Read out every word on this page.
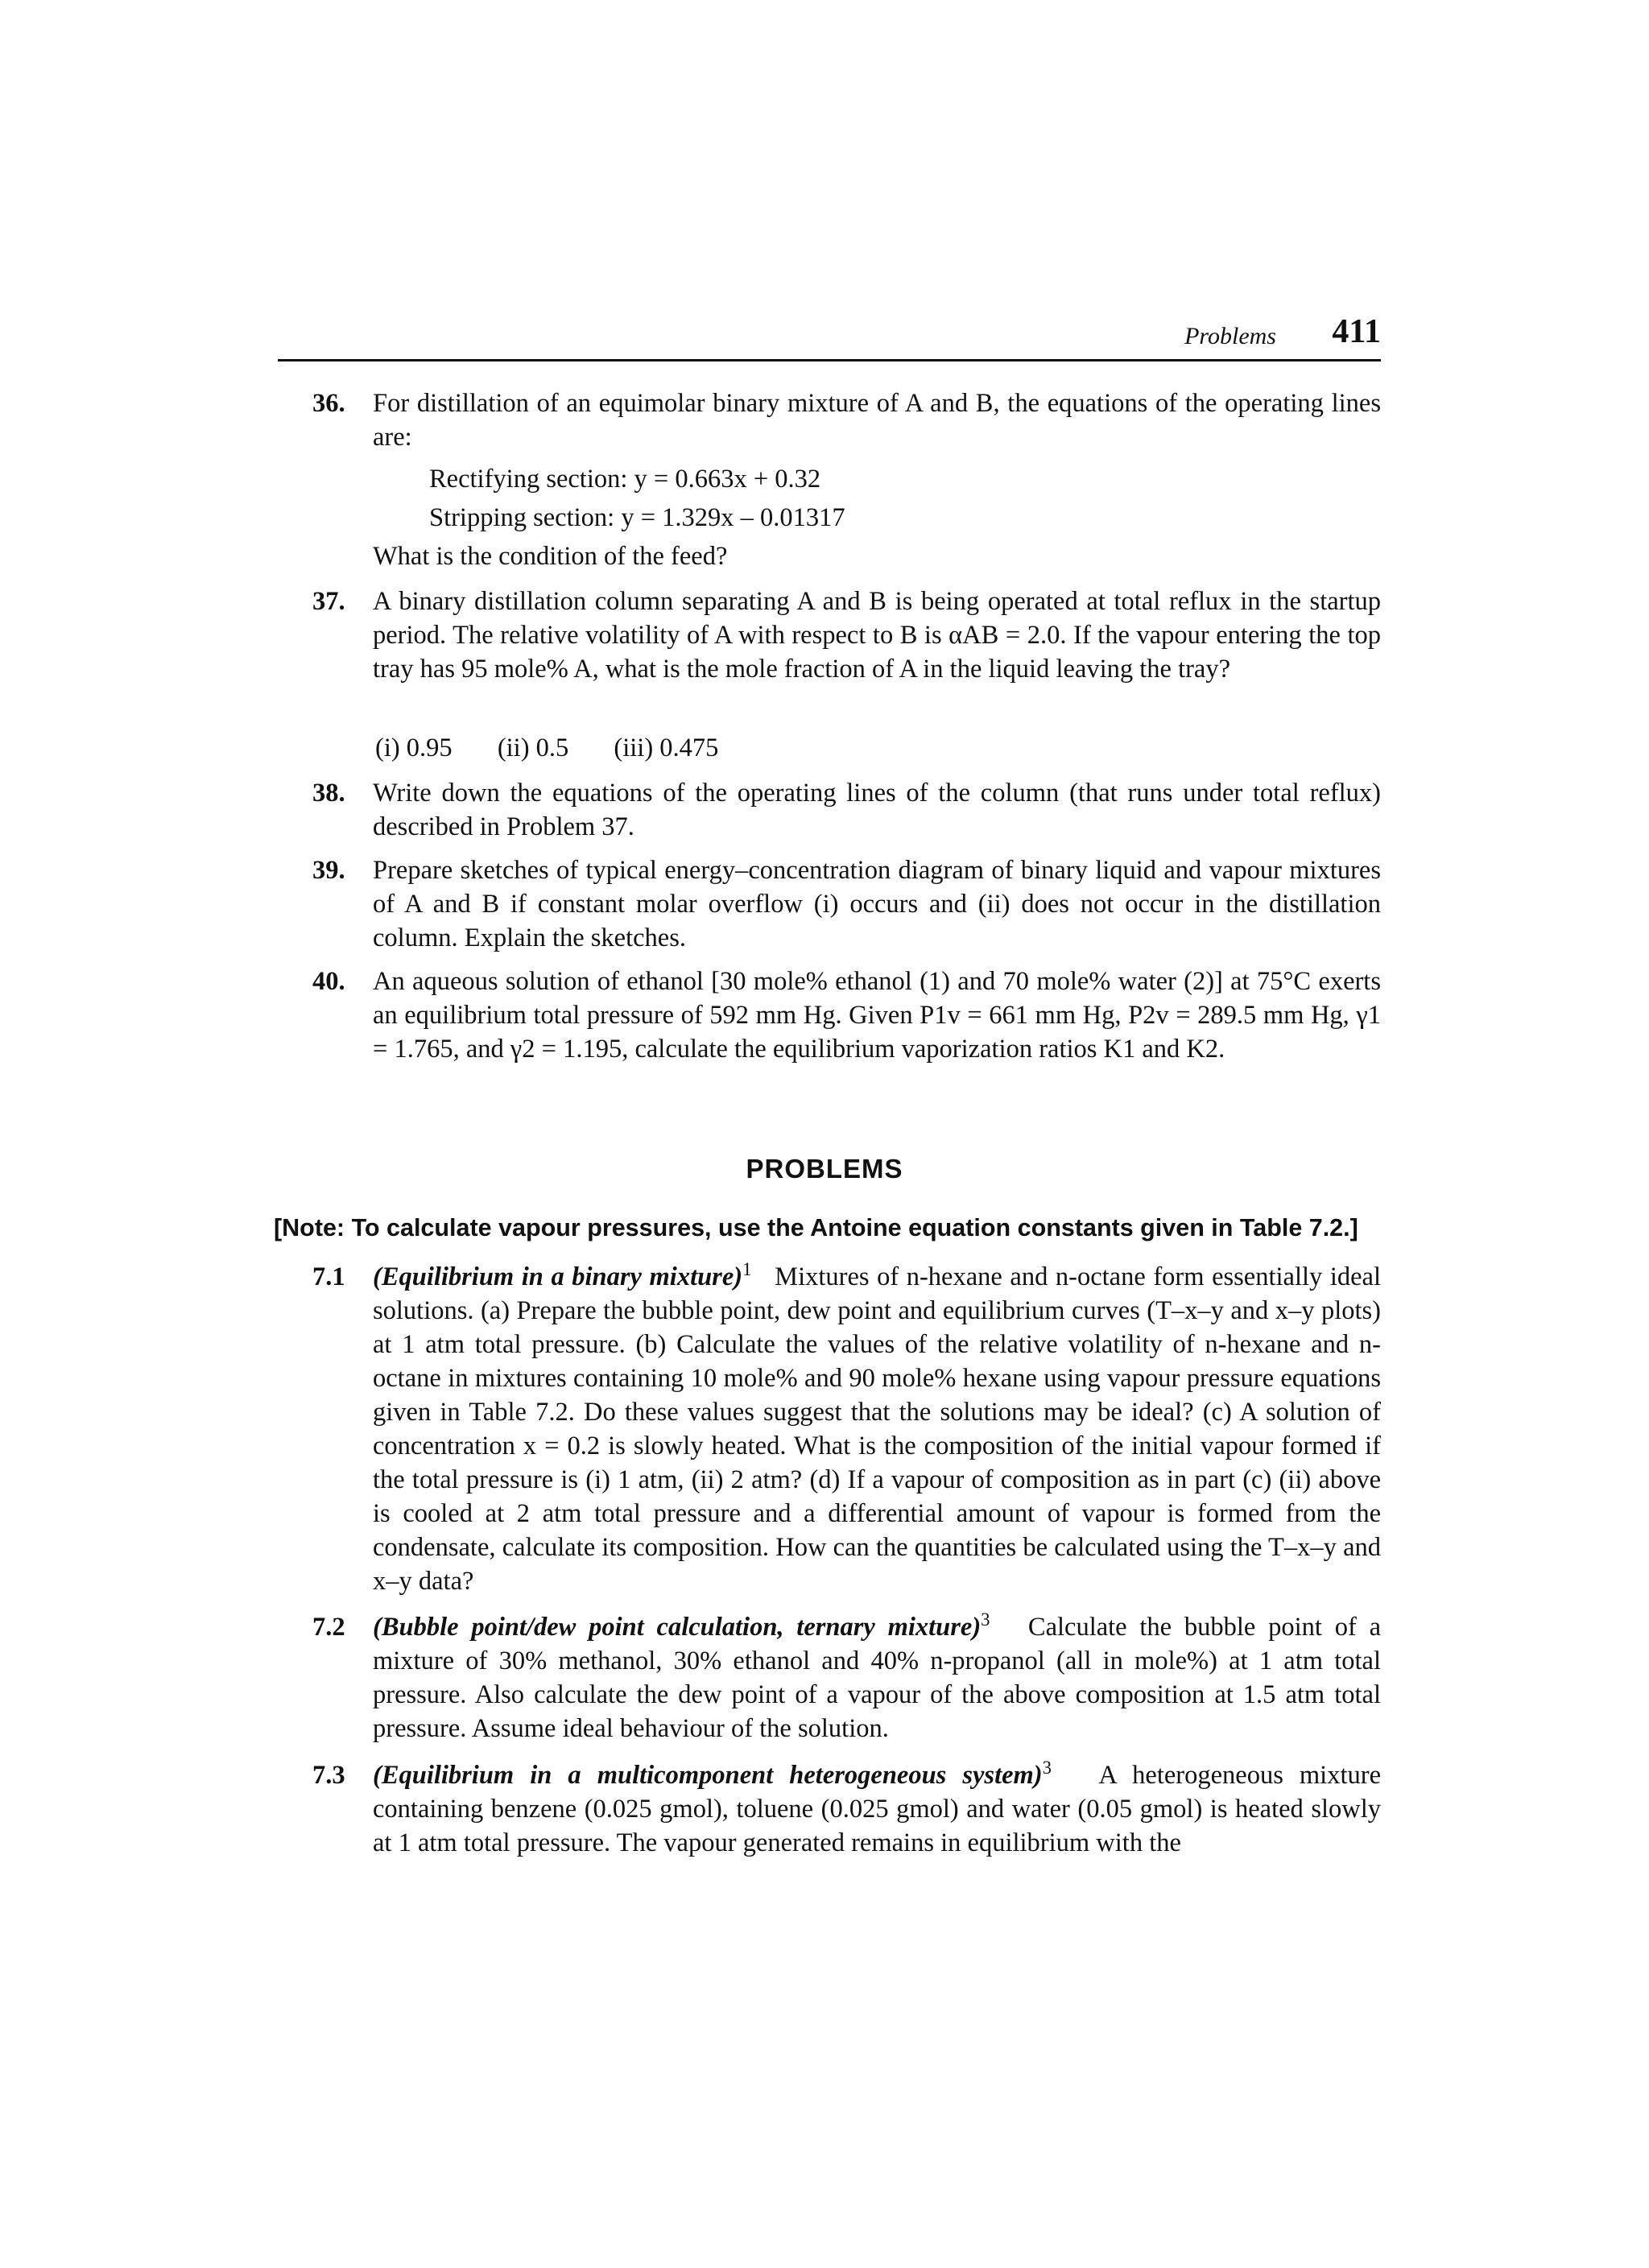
Problems 411
36. For distillation of an equimolar binary mixture of A and B, the equations of the operating lines are:
Rectifying section: y = 0.663x + 0.32
Stripping section: y = 1.329x – 0.01317
What is the condition of the feed?
37. A binary distillation column separating A and B is being operated at total reflux in the startup period. The relative volatility of A with respect to B is αAB = 2.0. If the vapour entering the top tray has 95 mole% A, what is the mole fraction of A in the liquid leaving the tray?
(i) 0.95 (ii) 0.5 (iii) 0.475
38. Write down the equations of the operating lines of the column (that runs under total reflux) described in Problem 37.
39. Prepare sketches of typical energy–concentration diagram of binary liquid and vapour mixtures of A and B if constant molar overflow (i) occurs and (ii) does not occur in the distillation column. Explain the sketches.
40. An aqueous solution of ethanol [30 mole% ethanol (1) and 70 mole% water (2)] at 75°C exerts an equilibrium total pressure of 592 mm Hg. Given P1v = 661 mm Hg, P2v = 289.5 mm Hg, γ1 = 1.765, and γ2 = 1.195, calculate the equilibrium vaporization ratios K1 and K2.
PROBLEMS
[Note: To calculate vapour pressures, use the Antoine equation constants given in Table 7.2.]
7.1 (Equilibrium in a binary mixture)$^1$ Mixtures of n-hexane and n-octane form essentially ideal solutions. (a) Prepare the bubble point, dew point and equilibrium curves (T–x–y and x–y plots) at 1 atm total pressure. (b) Calculate the values of the relative volatility of n-hexane and n-octane in mixtures containing 10 mole% and 90 mole% hexane using vapour pressure equations given in Table 7.2. Do these values suggest that the solutions may be ideal? (c) A solution of concentration x = 0.2 is slowly heated. What is the composition of the initial vapour formed if the total pressure is (i) 1 atm, (ii) 2 atm? (d) If a vapour of composition as in part (c) (ii) above is cooled at 2 atm total pressure and a differential amount of vapour is formed from the condensate, calculate its composition. How can the quantities be calculated using the T–x–y and x–y data?
7.2 (Bubble point/dew point calculation, ternary mixture)$^3$ Calculate the bubble point of a mixture of 30% methanol, 30% ethanol and 40% n-propanol (all in mole%) at 1 atm total pressure. Also calculate the dew point of a vapour of the above composition at 1.5 atm total pressure. Assume ideal behaviour of the solution.
7.3 (Equilibrium in a multicomponent heterogeneous system)$^3$ A heterogeneous mixture containing benzene (0.025 gmol), toluene (0.025 gmol) and water (0.05 gmol) is heated slowly at 1 atm total pressure. The vapour generated remains in equilibrium with the
